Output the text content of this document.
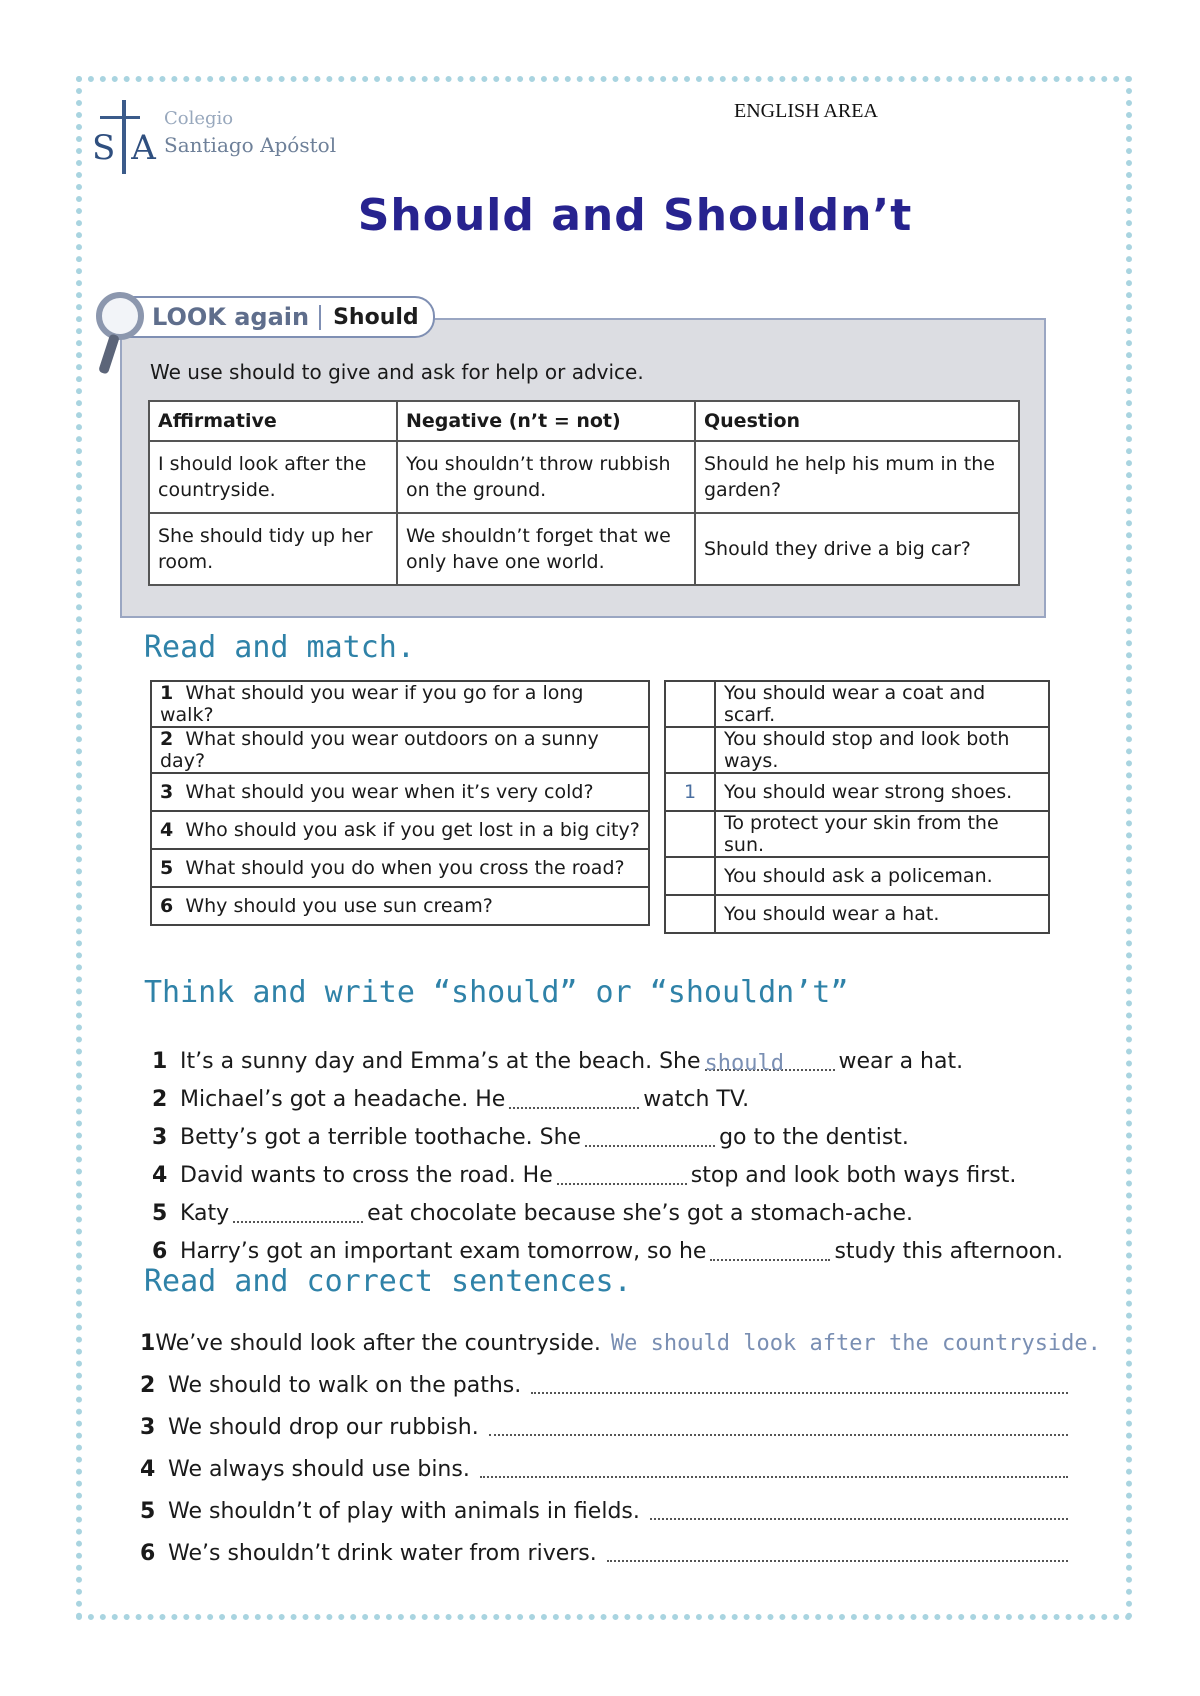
SA
Colegio
Santiago Apóstol
ENGLISH AREA
Should and Shouldn’t
LOOK again	Should
We use should to give and ask for help or advice.
Affirmative	Negative (n’t = not)	Question
I should look after the countryside.	You shouldn’t throw rubbish on the ground.	Should he help his mum in the garden?
She should tidy up her room.	We shouldn’t forget that we only have one world.	Should they drive a big car?
Read and match.
1 What should you wear if you go for a long walk?
2 What should you wear outdoors on a sunny day?
3 What should you wear when it’s very cold?
4 Who should you ask if you get lost in a big city?
5 What should you do when you cross the road?
6 Why should you use sun cream?
	You should wear a coat and scarf.
	You should stop and look both ways.
1	You should wear strong shoes.
	To protect your skin from the sun.
	You should ask a policeman.
	You should wear a hat.
Think and write “should” or “shouldn’t”
1 It’s a sunny day and Emma’s at the beach. She should	wear a hat.
2 Michael’s got a headache. He	watch TV.
3 Betty’s got a terrible toothache. She	go to the dentist.
4 David wants to cross the road. He	stop and look both ways first.
5 Katy	eat chocolate because she’s got a stomach-ache.
6 Harry’s got an important exam tomorrow, so he	study this afternoon.
Read and correct sentences.
1 We’ve should look after the countryside. We should look after the countryside.
2 We should to walk on the paths.
3 We should drop our rubbish.
4 We always should use bins.
5 We shouldn’t of play with animals in fields.
6 We’s shouldn’t drink water from rivers.
